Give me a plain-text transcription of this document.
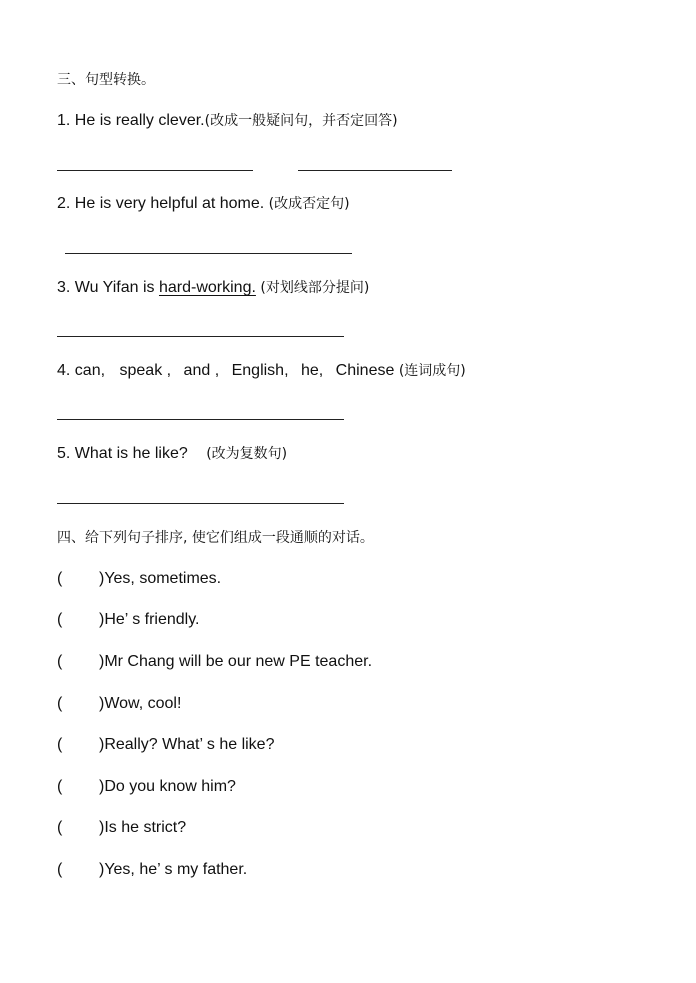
三、句型转换。
1. He is really clever.(改成一般疑问句，并否定回答)
2. He is very helpful at home. (改成否定句)
3. Wu Yifan is hard-working. (对划线部分提问)
4. can, speak , and , English, he, Chinese (连词成句)
5. What is he like? (改为复数句)
四、给下列句子排序, 使它们组成一段通顺的对话。
( )Yes, sometimes.
( )He’ s friendly.
( )Mr Chang will be our new PE teacher.
( )Wow, cool!
( )Really? What’ s he like?
( )Do you know him?
( )Is he strict?
( )Yes, he’ s my father.
